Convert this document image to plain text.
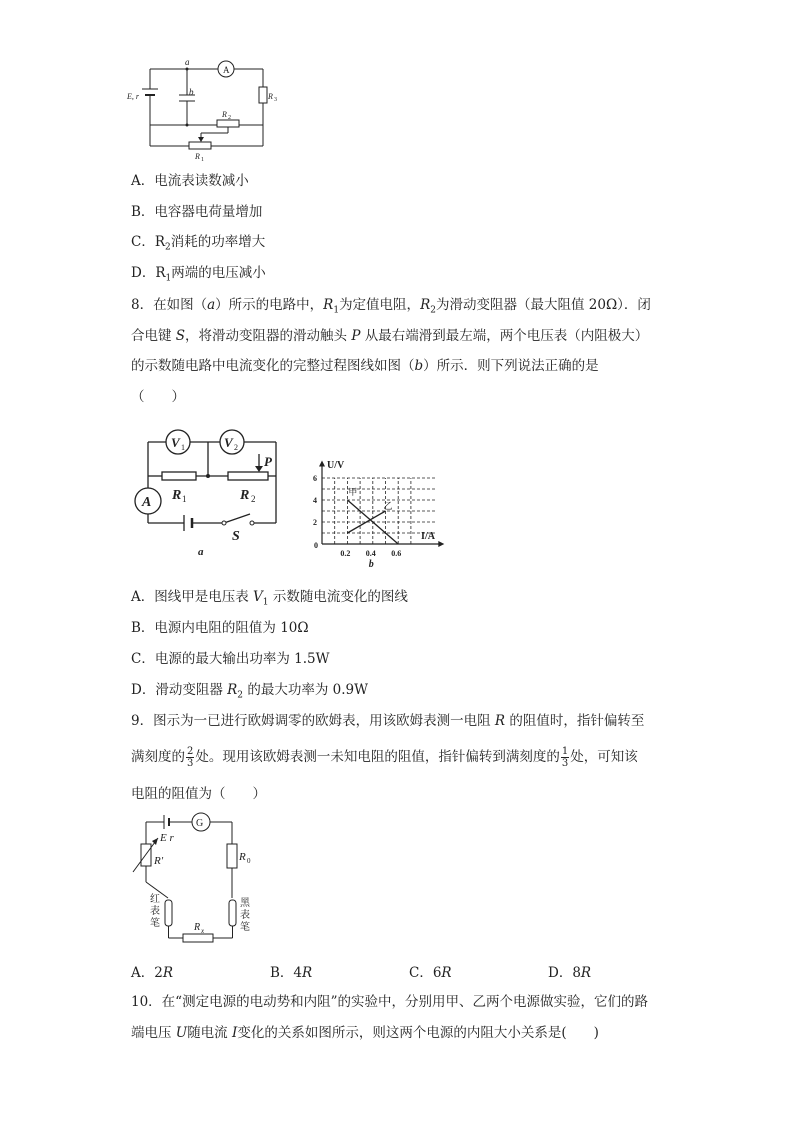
A
a
b
E, r	R 3
R 2
R 1
A．电流表读数减小
B．电容器电荷量增加
C．$R_2$消耗的功率增大
D．$R_1$两端的电压减小
8．在如图（a）所示的电路中，$R_1$为定值电阻，$R_2$为滑动变阻器（最大阻值 20Ω）．闭
合电键 S，将滑动变阻器的滑动触头 P 从最右端滑到最左端，两个电压表（内阻极大）
的示数随电路中电流变化的完整过程图线如图（b）所示．则下列说法正确的是
（　　）
V 1	V 2
A R 1	R 2
P
S
a	0.2 0.4 0.6
2
4
6
0
I/A
U/V
b
甲
乙
A．图线甲是电压表 $V_1$ 示数随电流变化的图线
B．电源内电阻的阻值为 10Ω
C．电源的最大输出功率为 1.5W
D．滑动变阻器 $R_2$ 的最大功率为 0.9W
9．图示为一已进行欧姆调零的欧姆表，用该欧姆表测一电阻 R 的阻值时，指针偏转至
满刻度的 $\frac{2}{3}$ 处。现用该欧姆表测一未知电阻的阻值，指针偏转到满刻度的 $\frac{1}{3}$ 处，可知该
电阻的阻值为（　　）
E r
G
R′	R 0
红
表
笔
黑
表
笔
R x
A．2R	B．4R	C．6R	D．8R
10．在“测定电源的电动势和内阻”的实验中，分别用甲、乙两个电源做实验，它们的路
端电压 U随电流 I变化的关系如图所示，则这两个电源的内阻大小关系是(　　)
